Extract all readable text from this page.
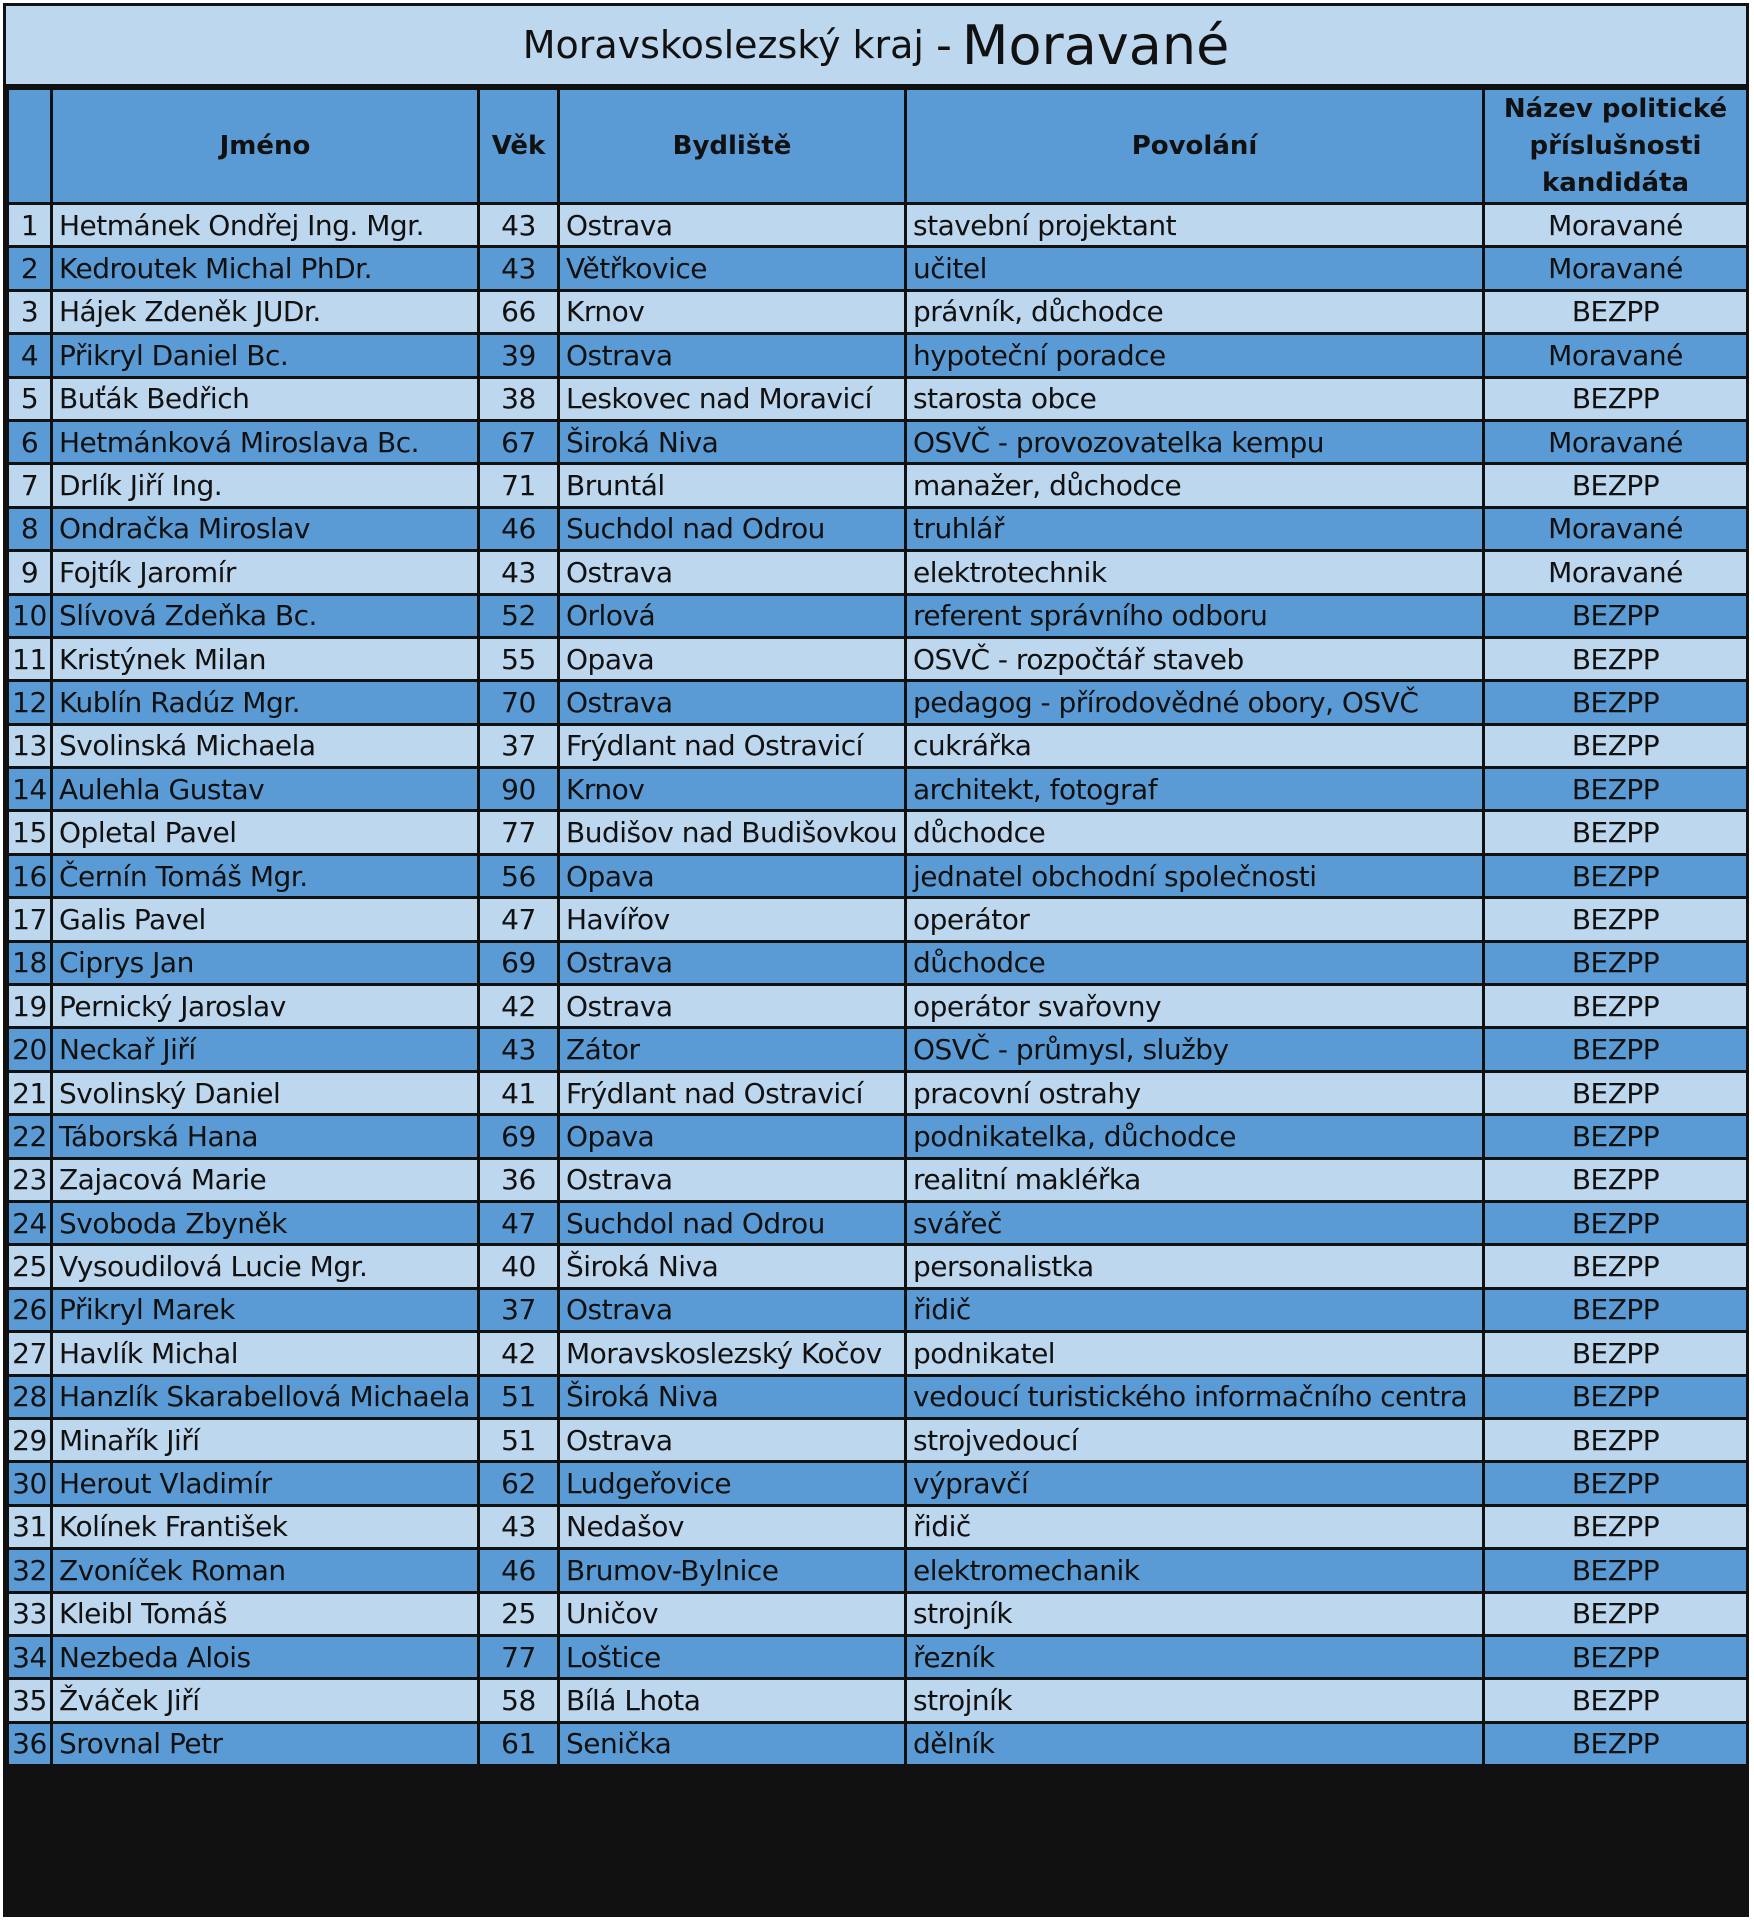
Moravskoslezský kraj - Moravané
	Jméno	Věk	Bydliště	Povolání	Název politické příslušnosti kandidáta
1	Hetmánek Ondřej Ing. Mgr.	43	Ostrava	stavební projektant	Moravané
2	Kedroutek Michal PhDr.	43	Větřkovice	učitel	Moravané
3	Hájek Zdeněk JUDr.	66	Krnov	právník, důchodce	BEZPP
4	Přikryl Daniel Bc.	39	Ostrava	hypoteční poradce	Moravané
5	Buťák Bedřich	38	Leskovec nad Moravicí	starosta obce	BEZPP
6	Hetmánková Miroslava Bc.	67	Široká Niva	OSVČ - provozovatelka kempu	Moravané
7	Drlík Jiří Ing.	71	Bruntál	manažer, důchodce	BEZPP
8	Ondračka Miroslav	46	Suchdol nad Odrou	truhlář	Moravané
9	Fojtík Jaromír	43	Ostrava	elektrotechnik	Moravané
10	Slívová Zdeňka Bc.	52	Orlová	referent správního odboru	BEZPP
11	Kristýnek Milan	55	Opava	OSVČ - rozpočtář staveb	BEZPP
12	Kublín Radúz Mgr.	70	Ostrava	pedagog - přírodovědné obory, OSVČ	BEZPP
13	Svolinská Michaela	37	Frýdlant nad Ostravicí	cukrářka	BEZPP
14	Aulehla Gustav	90	Krnov	architekt, fotograf	BEZPP
15	Opletal Pavel	77	Budišov nad Budišovkou	důchodce	BEZPP
16	Černín Tomáš Mgr.	56	Opava	jednatel obchodní společnosti	BEZPP
17	Galis Pavel	47	Havířov	operátor	BEZPP
18	Ciprys Jan	69	Ostrava	důchodce	BEZPP
19	Pernický Jaroslav	42	Ostrava	operátor svařovny	BEZPP
20	Neckař Jiří	43	Zátor	OSVČ - průmysl, služby	BEZPP
21	Svolinský Daniel	41	Frýdlant nad Ostravicí	pracovní ostrahy	BEZPP
22	Táborská Hana	69	Opava	podnikatelka, důchodce	BEZPP
23	Zajacová Marie	36	Ostrava	realitní makléřka	BEZPP
24	Svoboda Zbyněk	47	Suchdol nad Odrou	svářeč	BEZPP
25	Vysoudilová Lucie Mgr.	40	Široká Niva	personalistka	BEZPP
26	Přikryl Marek	37	Ostrava	řidič	BEZPP
27	Havlík Michal	42	Moravskoslezský Kočov	podnikatel	BEZPP
28	Hanzlík Skarabellová Michaela	51	Široká Niva	vedoucí turistického informačního centra	BEZPP
29	Minařík Jiří	51	Ostrava	strojvedoucí	BEZPP
30	Herout Vladimír	62	Ludgeřovice	výpravčí	BEZPP
31	Kolínek František	43	Nedašov	řidič	BEZPP
32	Zvoníček Roman	46	Brumov-Bylnice	elektromechanik	BEZPP
33	Kleibl Tomáš	25	Uničov	strojník	BEZPP
34	Nezbeda Alois	77	Loštice	řezník	BEZPP
35	Žváček Jiří	58	Bílá Lhota	strojník	BEZPP
36	Srovnal Petr	61	Senička	dělník	BEZPP
